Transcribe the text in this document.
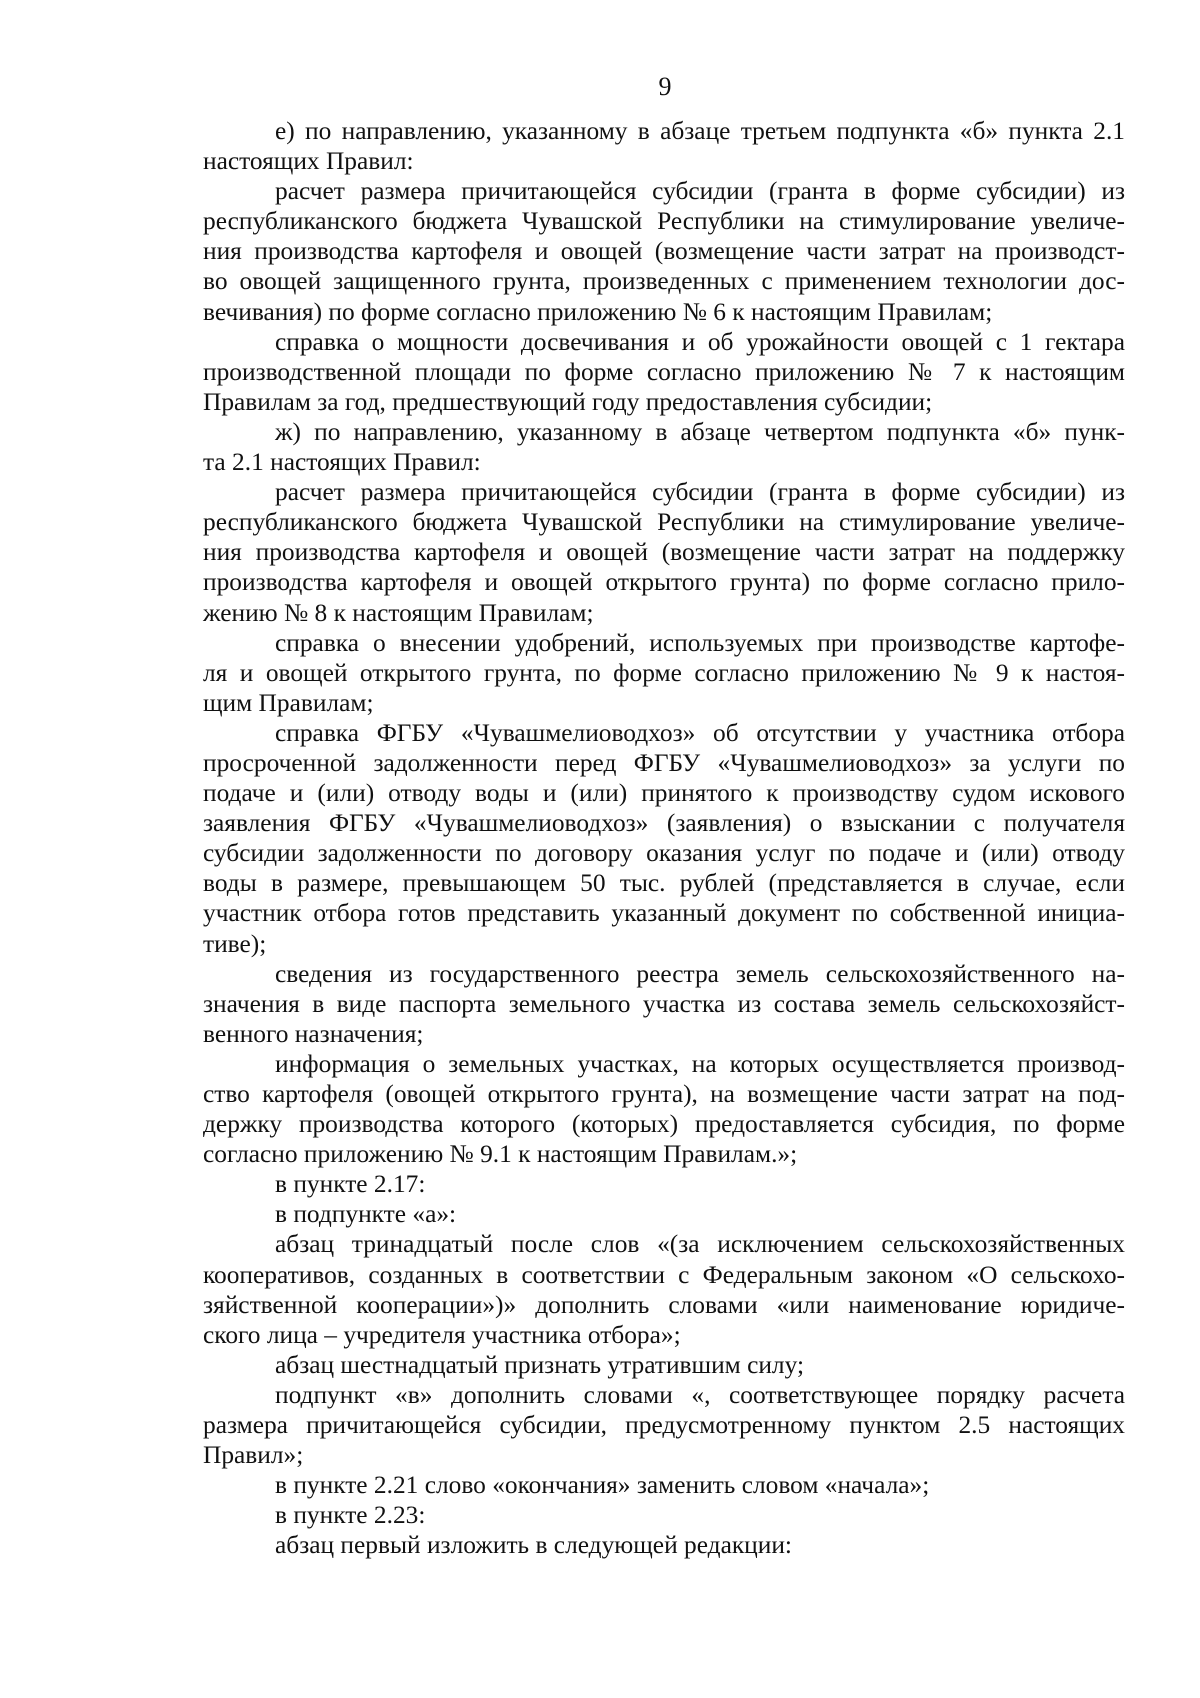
9
е) по направлению, указанному в абзаце третьем подпункта «б» пункта 2.1
настоящих Правил:
расчет размера причитающейся субсидии (гранта в форме субсидии) из
республиканского бюджета Чувашской Республики на стимулирование увеличе-
ния производства картофеля и овощей (возмещение части затрат на производст-
во овощей защищенного грунта, произведенных с применением технологии дос-
вечивания) по форме согласно приложению № 6 к настоящим Правилам;
справка о мощности досвечивания и об урожайности овощей с 1 гектара
производственной площади по форме согласно приложению № 7 к настоящим
Правилам за год, предшествующий году предоставления субсидии;
ж) по направлению, указанному в абзаце четвертом подпункта «б» пунк-
та 2.1 настоящих Правил:
расчет размера причитающейся субсидии (гранта в форме субсидии) из
республиканского бюджета Чувашской Республики на стимулирование увеличе-
ния производства картофеля и овощей (возмещение части затрат на поддержку
производства картофеля и овощей открытого грунта) по форме согласно прило-
жению № 8 к настоящим Правилам;
справка о внесении удобрений, используемых при производстве картофе-
ля и овощей открытого грунта, по форме согласно приложению № 9 к настоя-
щим Правилам;
справка ФГБУ «Чувашмелиоводхоз» об отсутствии у участника отбора
просроченной задолженности перед ФГБУ «Чувашмелиоводхоз» за услуги по
подаче и (или) отводу воды и (или) принятого к производству судом искового
заявления ФГБУ «Чувашмелиоводхоз» (заявления) о взыскании с получателя
субсидии задолженности по договору оказания услуг по подаче и (или) отводу
воды в размере, превышающем 50 тыс. рублей (представляется в случае, если
участник отбора готов представить указанный документ по собственной инициа-
тиве);
сведения из государственного реестра земель сельскохозяйственного на-
значения в виде паспорта земельного участка из состава земель сельскохозяйст-
венного назначения;
информация о земельных участках, на которых осуществляется производ-
ство картофеля (овощей открытого грунта), на возмещение части затрат на под-
держку производства которого (которых) предоставляется субсидия, по форме
согласно приложению № 9.1 к настоящим Правилам.»;
в пункте 2.17:
в подпункте «а»:
абзац тринадцатый после слов «(за исключением сельскохозяйственных
кооперативов, созданных в соответствии с Федеральным законом «О сельскохо-
зяйственной кооперации»)» дополнить словами «или наименование юридиче-
ского лица – учредителя участника отбора»;
абзац шестнадцатый признать утратившим силу;
подпункт «в» дополнить словами «, соответствующее порядку расчета
размера причитающейся субсидии, предусмотренному пунктом 2.5 настоящих
Правил»;
в пункте 2.21 слово «окончания» заменить словом «начала»;
в пункте 2.23:
абзац первый изложить в следующей редакции:
